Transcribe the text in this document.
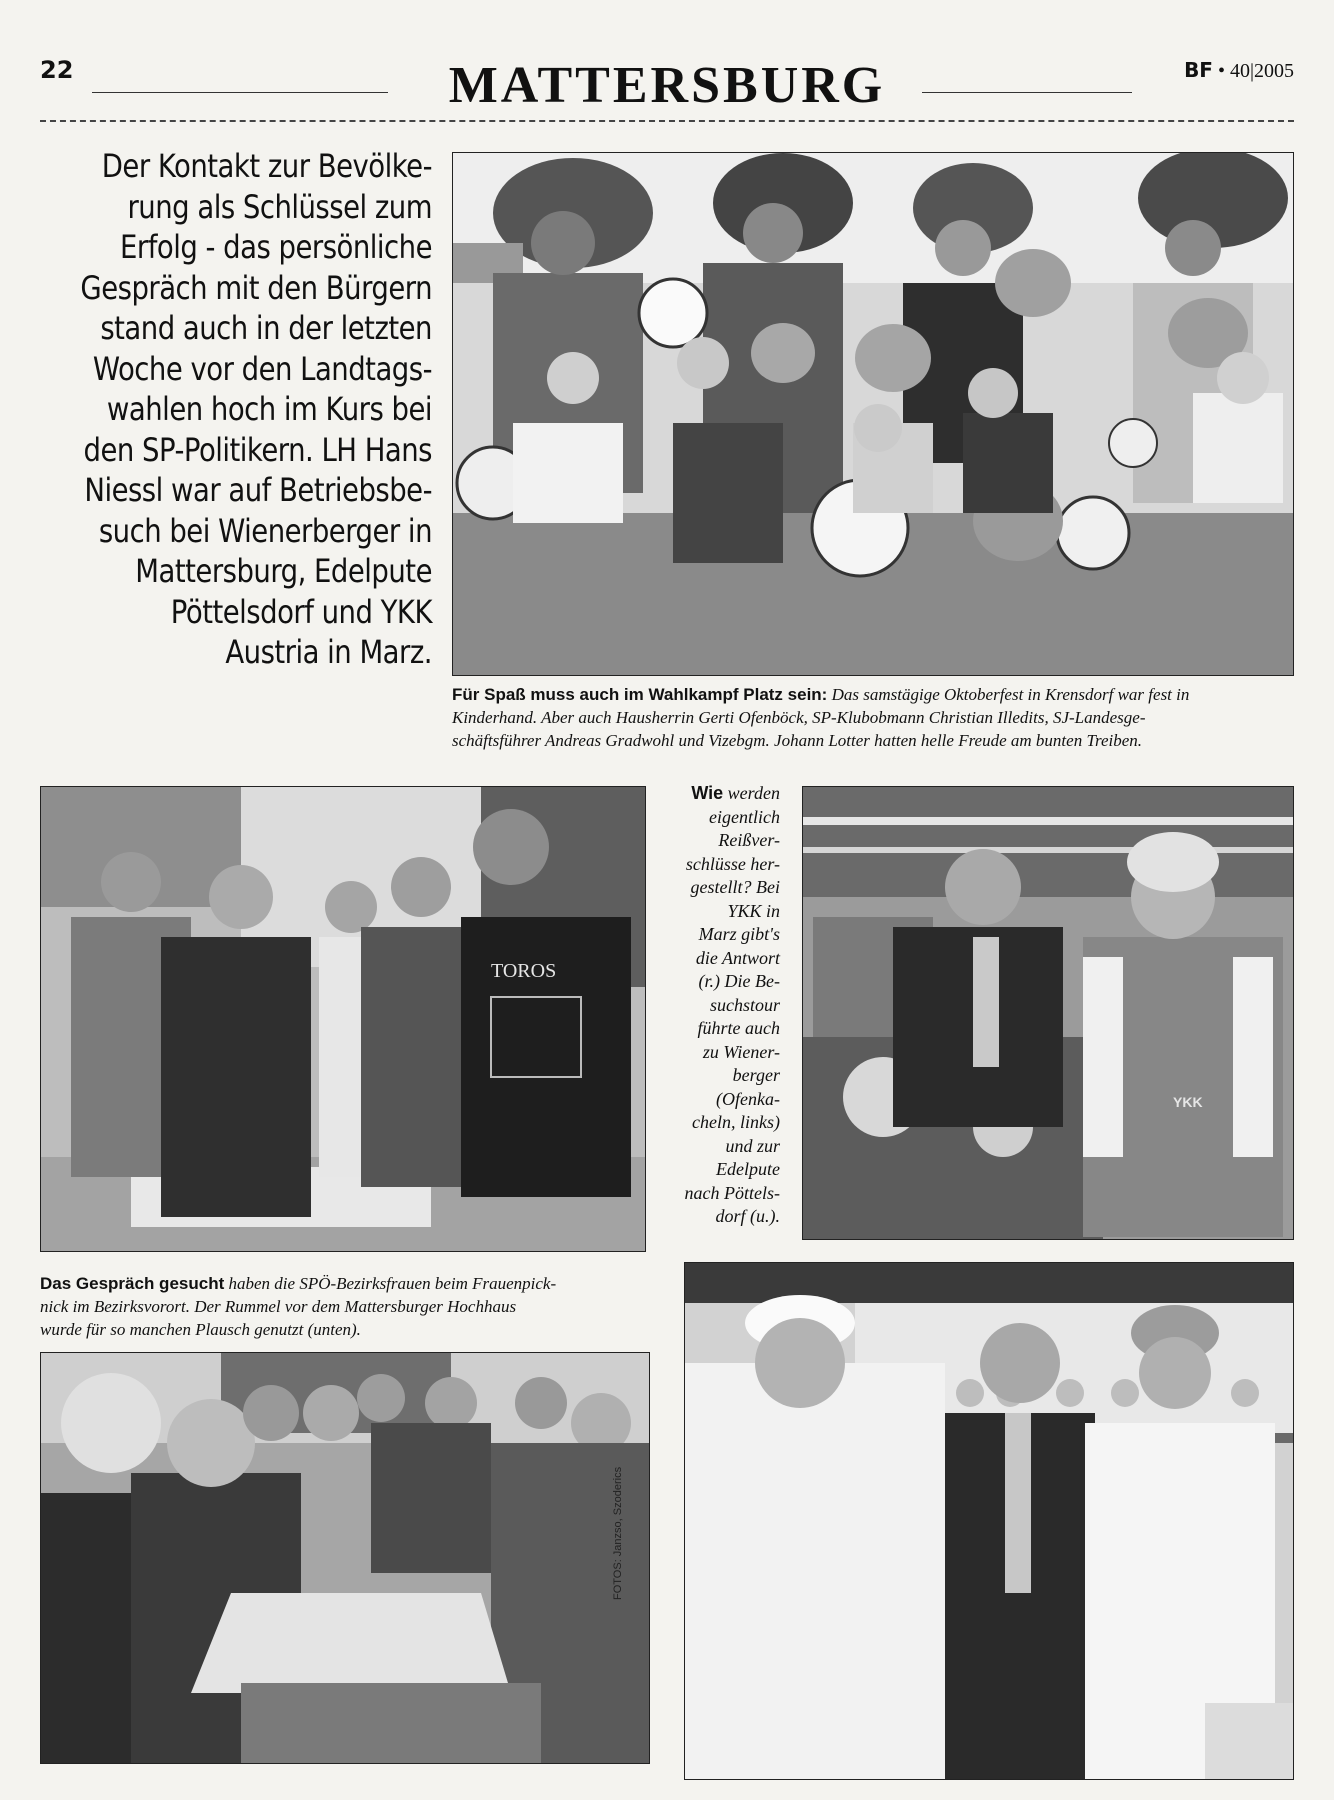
22	MATTERSBURG	BF • 40|2005
Der Kontakt zur Bevölke-
rung als Schlüssel zum
Erfolg - das persönliche
Gespräch mit den Bürgern
stand auch in der letzten
Woche vor den Landtags-
wahlen hoch im Kurs bei
den SP-Politikern. LH Hans
Niessl war auf Betriebsbe-
such bei Wienerberger in
Mattersburg, Edelpute
Pöttelsdorf und YKK
Austria in Marz.
Für Spaß muss auch im Wahlkampf Platz sein: Das samstägige Oktoberfest in Krensdorf war fest in
Kinderhand. Aber auch Hausherrin Gerti Ofenböck, SP-Klubobmann Christian Illedits, SJ-Landesge-
schäftsführer Andreas Gradwohl und Vizebgm. Johann Lotter hatten helle Freude am bunten Treiben.
TOROS
YKK
Wie werden
eigentlich
Reißver-
schlüsse her-
gestellt? Bei
YKK in
Marz gibt's
die Antwort
(r.) Die Be-
suchstour
führte auch
zu Wiener-
berger
(Ofenka-
cheln, links)
und zur
Edelpute
nach Pöttels-
dorf (u.).
Das Gespräch gesucht haben die SPÖ-Bezirksfrauen beim Frauenpick-
nick im Bezirksvorort. Der Rummel vor dem Mattersburger Hochhaus
wurde für so manchen Plausch genutzt (unten).
FOTOS: Janzso, Szoderics
